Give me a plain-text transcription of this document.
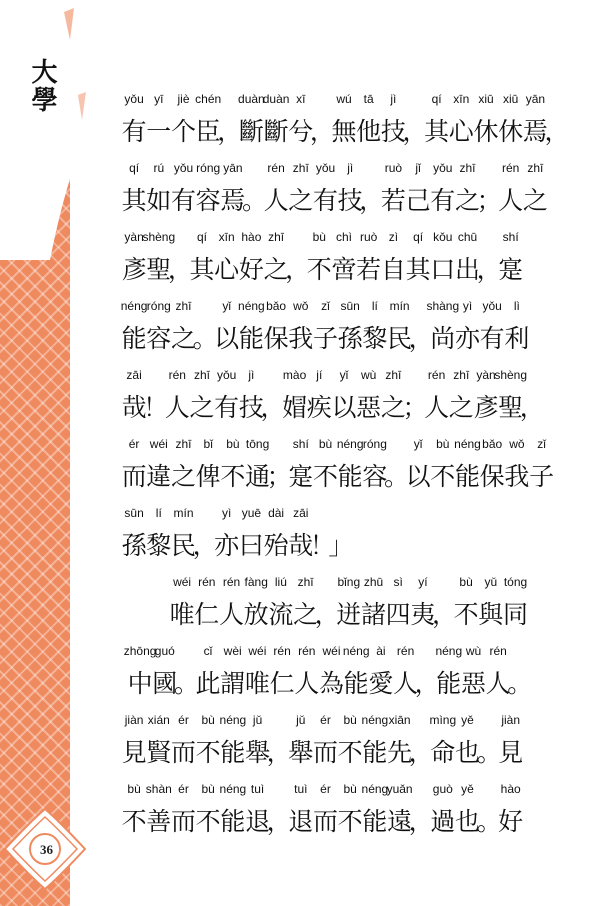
大學
36
有
yǒu
一
yī
个
jiè
臣
chén
，
斷
duàn
斷
duàn
兮
xī
，
無
wú
他
tā
技
jì
，
其
qí
心
xīn
休
xiū
休
xiū
焉
yān
，
其
qí
如
rú
有
yǒu
容
róng
焉
yān
。
人
rén
之
zhī
有
yǒu
技
jì
，
若
ruò
己
jǐ
有
yǒu
之
zhī
；
人
rén
之
zhī
彥
yàn
聖
shèng
，
其
qí
心
xīn
好
hào
之
zhī
，
不
bù
啻
chì
若
ruò
自
zì
其
qí
口
kǒu
出
chū
，
寔
shí
能
néng
容
róng
之
zhī
。
以
yǐ
能
néng
保
bǎo
我
wǒ
子
zǐ
孫
sūn
黎
lí
民
mín
，
尚
shàng
亦
yì
有
yǒu
利
lì
哉
zāi
！
人
rén
之
zhī
有
yǒu
技
jì
，
媢
mào
疾
jí
以
yǐ
惡
wù
之
zhī
；
人
rén
之
zhī
彥
yàn
聖
shèng
，
而
ér
違
wéi
之
zhī
俾
bǐ
不
bù
通
tōng
；
寔
shí
不
bù
能
néng
容
róng
。
以
yǐ
不
bù
能
néng
保
bǎo
我
wǒ
子
zǐ
孫
sūn
黎
lí
民
mín
，
亦
yì
曰
yuē
殆
dài
哉
zāi
！
」
唯
wéi
仁
rén
人
rén
放
fàng
流
liú
之
zhī
，
迸
bǐng
諸
zhū
四
sì
夷
yí
，
不
bù
與
yǔ
同
tóng
中
zhōng
國
guó
。
此
cǐ
謂
wèi
唯
wéi
仁
rén
人
rén
為
wéi
能
néng
愛
ài
人
rén
，
能
néng
惡
wù
人
rén
。
見
jiàn
賢
xián
而
ér
不
bù
能
néng
舉
jǔ
，
舉
jǔ
而
ér
不
bù
能
néng
先
xiān
，
命
mìng
也
yě
。
見
jiàn
不
bù
善
shàn
而
ér
不
bù
能
néng
退
tuì
，
退
tuì
而
ér
不
bù
能
néng
遠
yuǎn
，
過
guò
也
yě
。
好
hào
